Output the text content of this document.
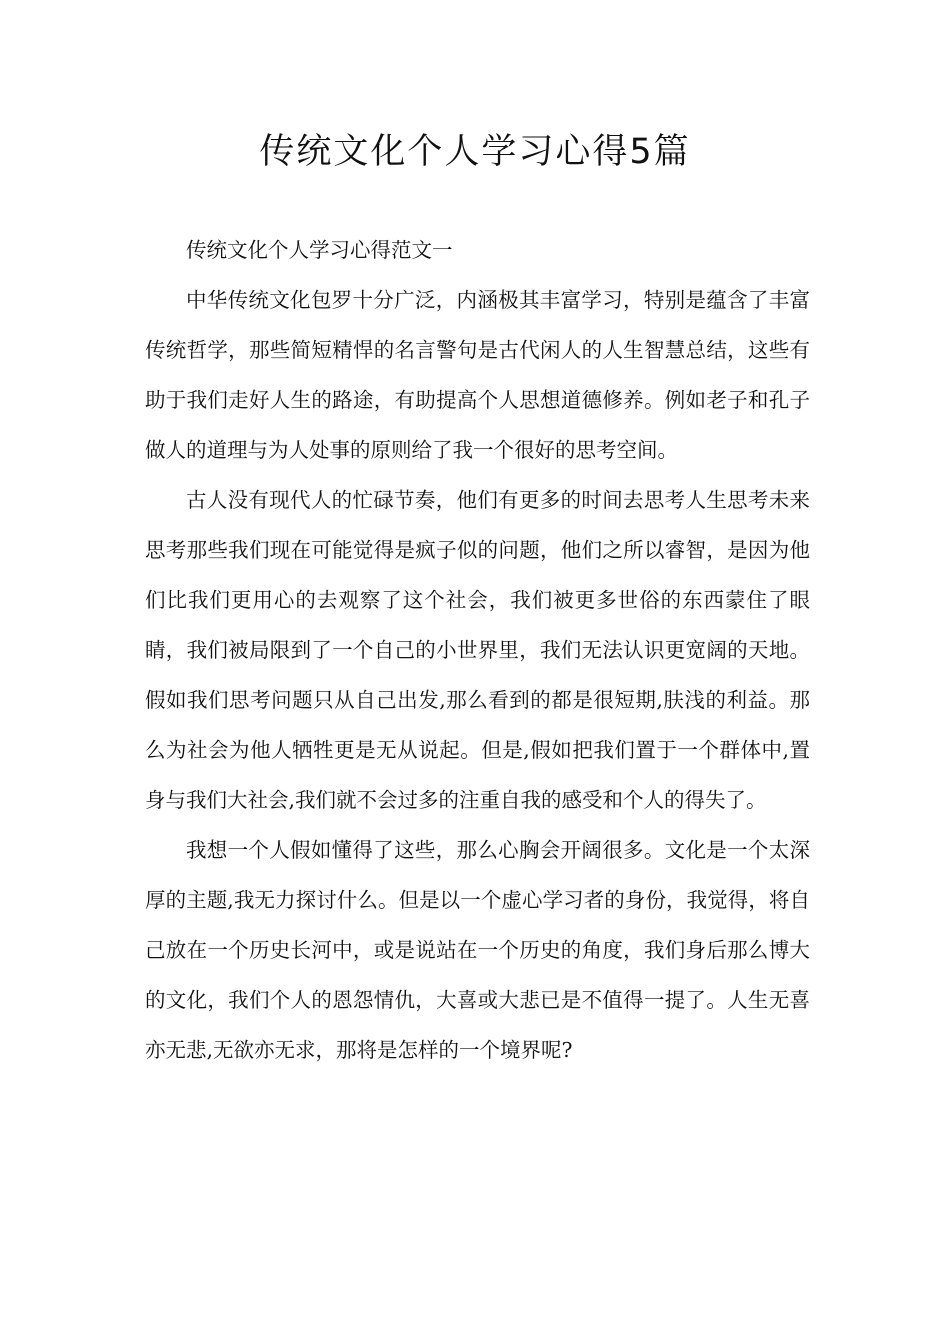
传统文化个人学习心得5篇

传统文化个人学习心得范文一

中华传统文化包罗十分广泛，内涵极其丰富学习，特别是蕴含了丰富传统哲学，那些简短精悍的名言警句是古代闲人的人生智慧总结，这些有助于我们走好人生的路途，有助提高个人思想道德修养。例如老子和孔子做人的道理与为人处事的原则给了我一个很好的思考空间。

古人没有现代人的忙碌节奏，他们有更多的时间去思考人生思考未来思考那些我们现在可能觉得是疯子似的问题，他们之所以睿智，是因为他们比我们更用心的去观察了这个社会，我们被更多世俗的东西蒙住了眼睛，我们被局限到了一个自己的小世界里，我们无法认识更宽阔的天地。假如我们思考问题只从自己出发,那么看到的都是很短期,肤浅的利益。那么为社会为他人牺牲更是无从说起。但是,假如把我们置于一个群体中,置身与我们大社会,我们就不会过多的注重自我的感受和个人的得失了。

我想一个人假如懂得了这些，那么心胸会开阔很多。文化是一个太深厚的主题,我无力探讨什么。但是以一个虚心学习者的身份，我觉得，将自己放在一个历史长河中，或是说站在一个历史的角度，我们身后那么博大的文化，我们个人的恩怨情仇，大喜或大悲已是不值得一提了。人生无喜亦无悲,无欲亦无求，那将是怎样的一个境界呢?
